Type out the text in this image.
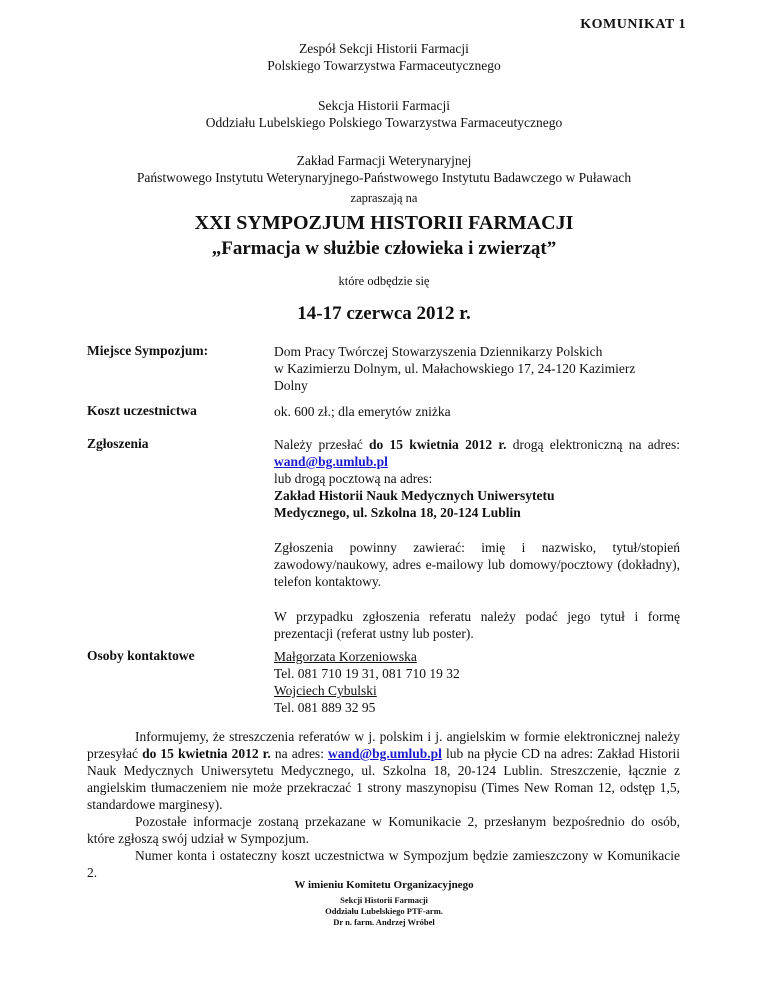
KOMUNIKAT 1
Zespół Sekcji Historii Farmacji
Polskiego Towarzystwa Farmaceutycznego
Sekcja Historii Farmacji
Oddziału Lubelskiego Polskiego Towarzystwa Farmaceutycznego
Zakład Farmacji Weterynaryjnej
Państwowego Instytutu Weterynaryjnego-Państwowego Instytutu Badawczego w Puławach
zapraszają na
XXI SYMPOZJUM HISTORII FARMACJI
„Farmacja w służbie człowieka i zwierząt”
które odbędzie się
14-17 czerwca 2012 r.
Miejsce Sympozjum:	Dom Pracy Twórczej Stowarzyszenia Dziennikarzy Polskich
w Kazimierzu Dolnym, ul. Małachowskiego 17, 24-120 Kazimierz
Dolny
Koszt uczestnictwa	ok. 600 zł.; dla emerytów zniżka
Zgłoszenia	Należy przesłać do 15 kwietnia 2012 r. drogą elektroniczną na adres: wand@bg.umlub.pl
lub drogą pocztową na adres:
Zakład Historii Nauk Medycznych Uniwersytetu
Medycznego, ul. Szkolna 18, 20-124 Lublin
Zgłoszenia powinny zawierać: imię i nazwisko, tytuł/stopień zawodowy/naukowy, adres e-mailowy lub domowy/pocztowy (dokładny), telefon kontaktowy.
W przypadku zgłoszenia referatu należy podać jego tytuł i formę prezentacji (referat ustny lub poster).
Osoby kontaktowe	Małgorzata Korzeniowska
Tel. 081 710 19 31, 081 710 19 32
Wojciech Cybulski
Tel. 081 889 32 95

Informujemy, że streszczenia referatów w j. polskim i j. angielskim w formie elektronicznej należy przesyłać do 15 kwietnia 2012 r. na adres: wand@bg.umlub.pl lub na płycie CD na adres: Zakład Historii Nauk Medycznych Uniwersytetu Medycznego, ul. Szkolna 18, 20-124 Lublin. Streszczenie, łącznie z angielskim tłumaczeniem nie może przekraczać 1 strony maszynopisu (Times New Roman 12, odstęp 1,5, standardowe marginesy).

Pozostałe informacje zostaną przekazane w Komunikacie 2, przesłanym bezpośrednio do osób, które zgłoszą swój udział w Sympozjum.

Numer konta i ostateczny koszt uczestnictwa w Sympozjum będzie zamieszczony w Komunikacie 2.

W imieniu Komitetu Organizacyjnego
Sekcji Historii Farmacji
Oddziału Lubelskiego PTF-arm.
Dr n. farm. Andrzej Wróbel
